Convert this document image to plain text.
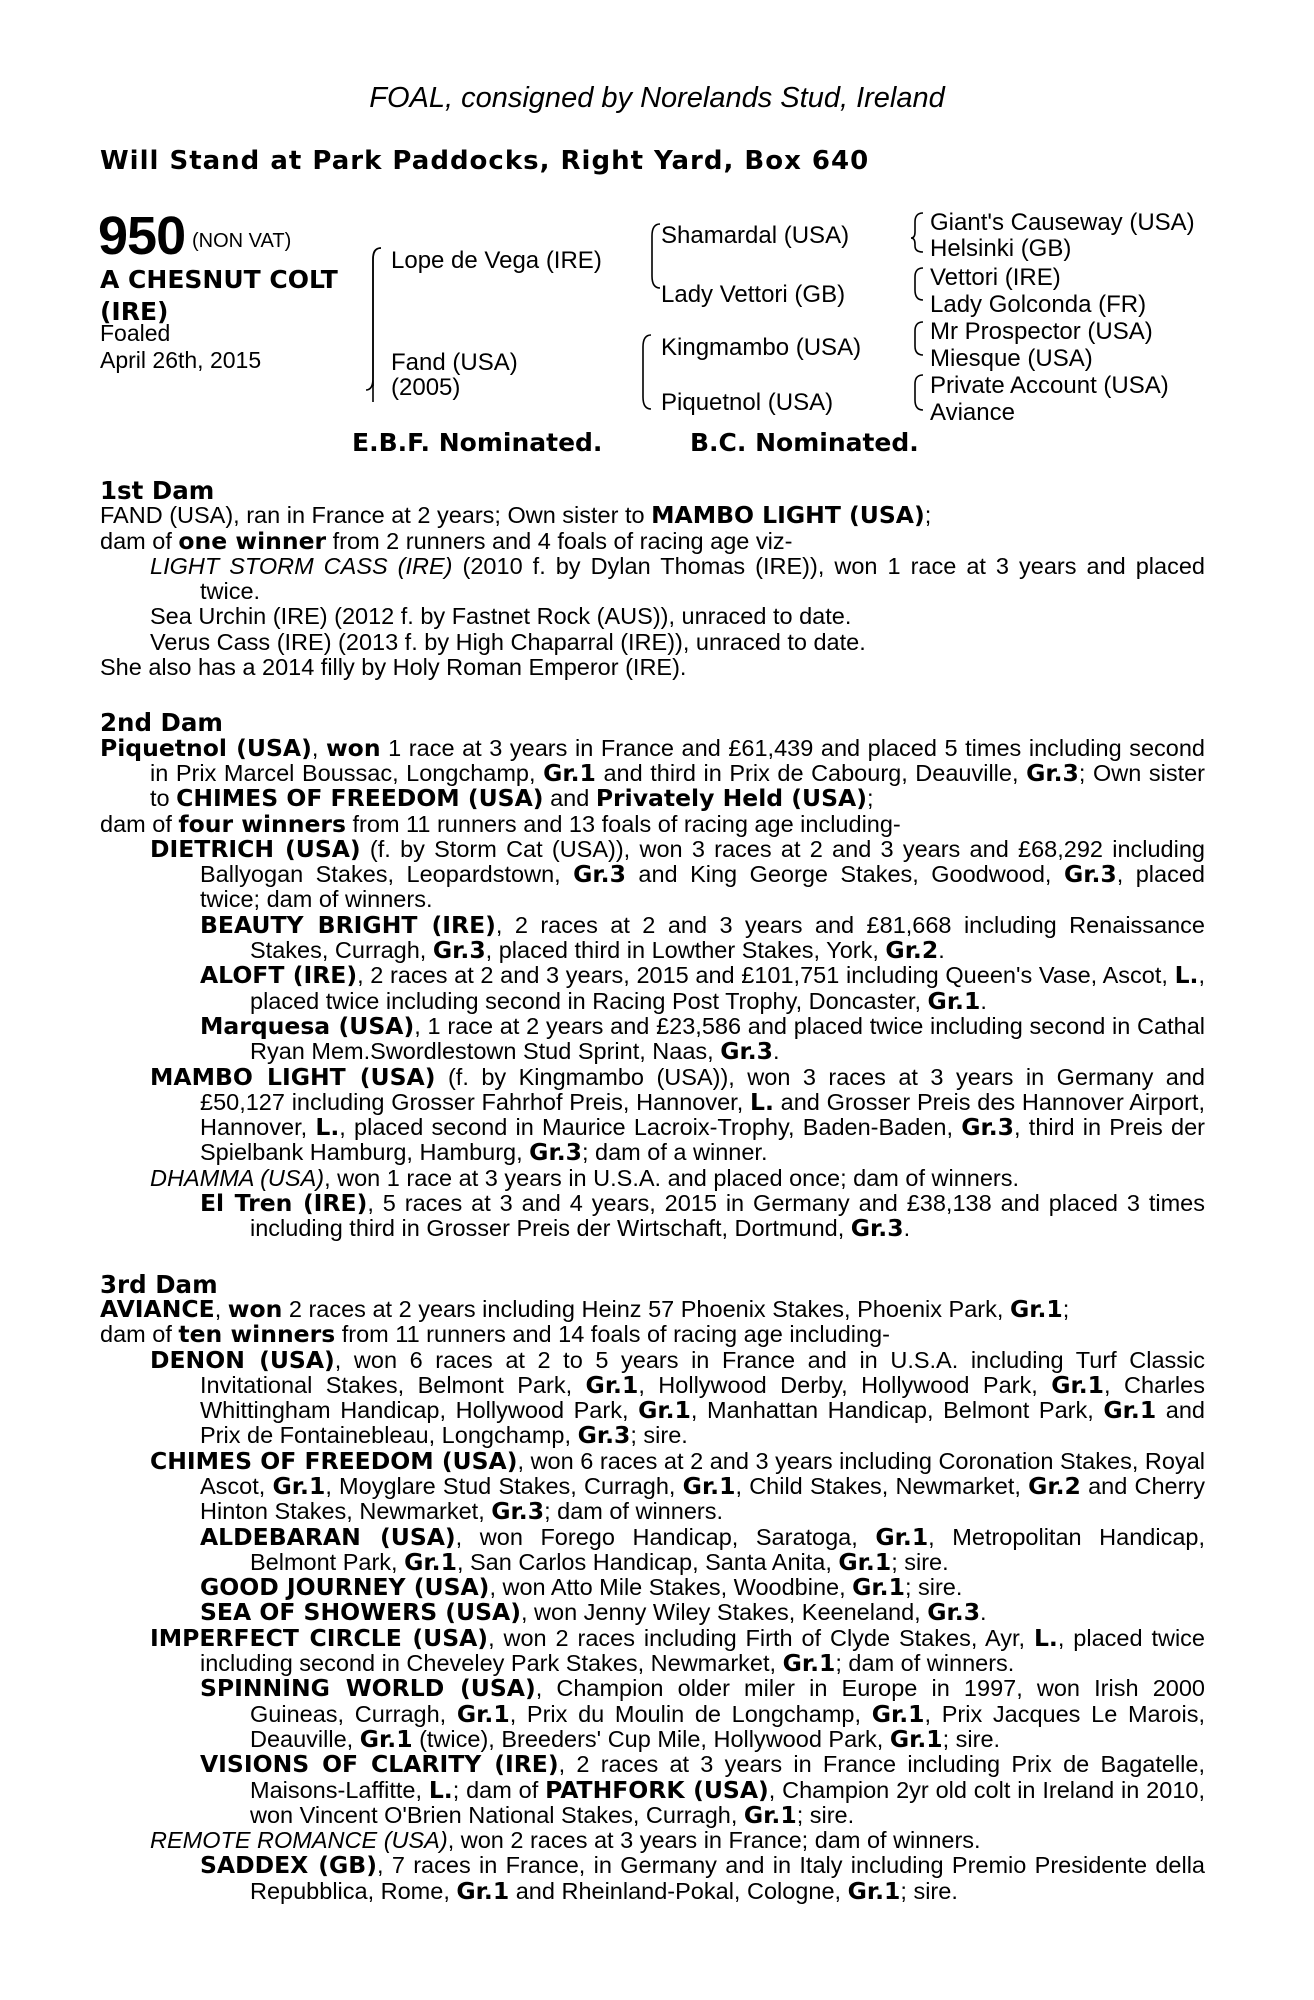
FOAL, consigned by Norelands Stud, Ireland
Will Stand at Park Paddocks, Right Yard, Box 640
950 (NON VAT)
A CHESNUT COLT
(IRE)
Foaled
April 26th, 2015
Lope de Vega (IRE)
Fand (USA)
(2005)
Shamardal (USA)
Lady Vettori (GB)
Kingmambo (USA)
Piquetnol (USA)
Giant's Causeway (USA)
Helsinki (GB)
Vettori (IRE)
Lady Golconda (FR)
Mr Prospector (USA)
Miesque (USA)
Private Account (USA)
Aviance
E.B.F. Nominated.	B.C. Nominated.
1st Dam
FAND (USA), ran in France at 2 years; Own sister to MAMBO LIGHT (USA);
dam of one winner from 2 runners and 4 foals of racing age viz-
LIGHT STORM CASS (IRE) (2010 f. by Dylan Thomas (IRE)), won 1 race at 3 years and placed twice.
Sea Urchin (IRE) (2012 f. by Fastnet Rock (AUS)), unraced to date.
Verus Cass (IRE) (2013 f. by High Chaparral (IRE)), unraced to date.
She also has a 2014 filly by Holy Roman Emperor (IRE).
2nd Dam
Piquetnol (USA), won 1 race at 3 years in France and £61,439 and placed 5 times including second in Prix Marcel Boussac, Longchamp, Gr.1 and third in Prix de Cabourg, Deauville, Gr.3; Own sister to CHIMES OF FREEDOM (USA) and Privately Held (USA);
dam of four winners from 11 runners and 13 foals of racing age including-
DIETRICH (USA) (f. by Storm Cat (USA)), won 3 races at 2 and 3 years and £68,292 including Ballyogan Stakes, Leopardstown, Gr.3 and King George Stakes, Goodwood, Gr.3, placed twice; dam of winners.
BEAUTY BRIGHT (IRE), 2 races at 2 and 3 years and £81,668 including Renaissance Stakes, Curragh, Gr.3, placed third in Lowther Stakes, York, Gr.2.
ALOFT (IRE), 2 races at 2 and 3 years, 2015 and £101,751 including Queen's Vase, Ascot, L., placed twice including second in Racing Post Trophy, Doncaster, Gr.1.
Marquesa (USA), 1 race at 2 years and £23,586 and placed twice including second in Cathal Ryan Mem.Swordlestown Stud Sprint, Naas, Gr.3.
MAMBO LIGHT (USA) (f. by Kingmambo (USA)), won 3 races at 3 years in Germany and £50,127 including Grosser Fahrhof Preis, Hannover, L. and Grosser Preis des Hannover Airport, Hannover, L., placed second in Maurice Lacroix-Trophy, Baden-Baden, Gr.3, third in Preis der Spielbank Hamburg, Hamburg, Gr.3; dam of a winner.
DHAMMA (USA), won 1 race at 3 years in U.S.A. and placed once; dam of winners.
El Tren (IRE), 5 races at 3 and 4 years, 2015 in Germany and £38,138 and placed 3 times including third in Grosser Preis der Wirtschaft, Dortmund, Gr.3.
3rd Dam
AVIANCE, won 2 races at 2 years including Heinz 57 Phoenix Stakes, Phoenix Park, Gr.1;
dam of ten winners from 11 runners and 14 foals of racing age including-
DENON (USA), won 6 races at 2 to 5 years in France and in U.S.A. including Turf Classic Invitational Stakes, Belmont Park, Gr.1, Hollywood Derby, Hollywood Park, Gr.1, Charles Whittingham Handicap, Hollywood Park, Gr.1, Manhattan Handicap, Belmont Park, Gr.1 and Prix de Fontainebleau, Longchamp, Gr.3; sire.
CHIMES OF FREEDOM (USA), won 6 races at 2 and 3 years including Coronation Stakes, Royal Ascot, Gr.1, Moyglare Stud Stakes, Curragh, Gr.1, Child Stakes, Newmarket, Gr.2 and Cherry Hinton Stakes, Newmarket, Gr.3; dam of winners.
ALDEBARAN (USA), won Forego Handicap, Saratoga, Gr.1, Metropolitan Handicap, Belmont Park, Gr.1, San Carlos Handicap, Santa Anita, Gr.1; sire.
GOOD JOURNEY (USA), won Atto Mile Stakes, Woodbine, Gr.1; sire.
SEA OF SHOWERS (USA), won Jenny Wiley Stakes, Keeneland, Gr.3.
IMPERFECT CIRCLE (USA), won 2 races including Firth of Clyde Stakes, Ayr, L., placed twice including second in Cheveley Park Stakes, Newmarket, Gr.1; dam of winners.
SPINNING WORLD (USA), Champion older miler in Europe in 1997, won Irish 2000 Guineas, Curragh, Gr.1, Prix du Moulin de Longchamp, Gr.1, Prix Jacques Le Marois, Deauville, Gr.1 (twice), Breeders' Cup Mile, Hollywood Park, Gr.1; sire.
VISIONS OF CLARITY (IRE), 2 races at 3 years in France including Prix de Bagatelle, Maisons-Laffitte, L.; dam of PATHFORK (USA), Champion 2yr old colt in Ireland in 2010, won Vincent O'Brien National Stakes, Curragh, Gr.1; sire.
REMOTE ROMANCE (USA), won 2 races at 3 years in France; dam of winners.
SADDEX (GB), 7 races in France, in Germany and in Italy including Premio Presidente della Repubblica, Rome, Gr.1 and Rheinland-Pokal, Cologne, Gr.1; sire.
